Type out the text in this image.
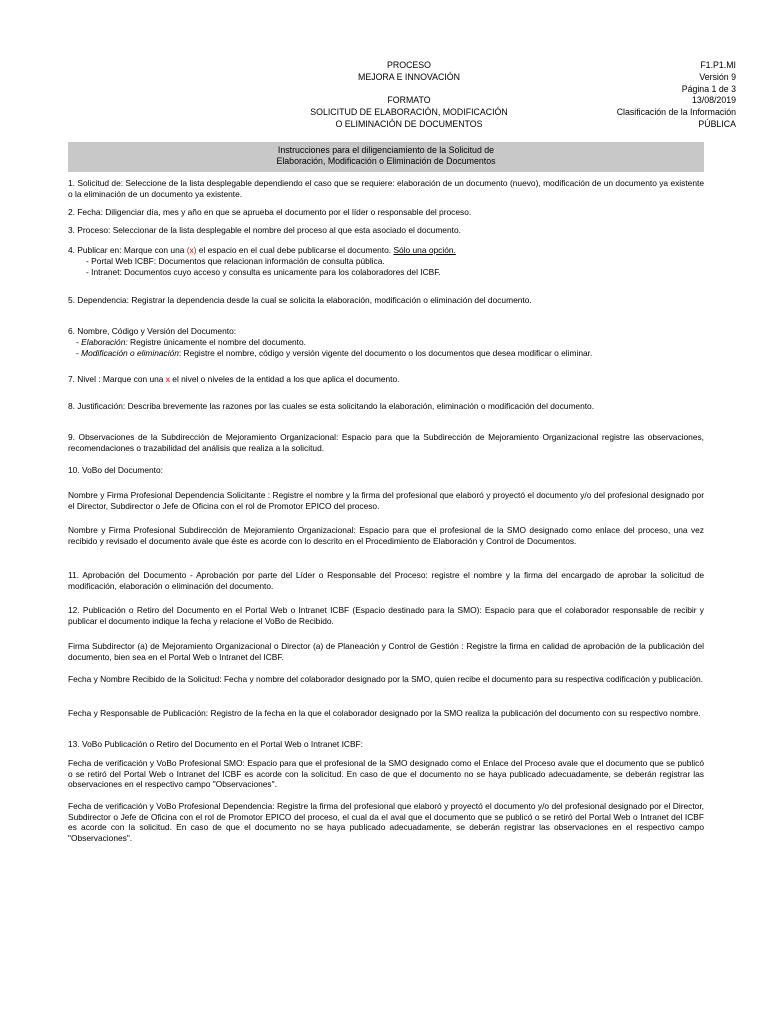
PROCESO
MEJORA E INNOVACIÓN
FORMATO
SOLICITUD DE ELABORACIÓN, MODIFICACIÓN
O ELIMINACIÓN DE DOCUMENTOS
F1.P1.MI
Versión 9
Página 1 de 3
13/08/2019
Clasificación de la Información
PÚBLICA
Instrucciones para el diligenciamiento de la Solicitud de
Elaboración, Modificación o Eliminación de Documentos
1. Solicitud de: Seleccione de la lista desplegable dependiendo el caso que se requiere: elaboración de un documento (nuevo), modificación de un documento ya existente o la eliminación de un documento ya existente.
2. Fecha: Diligenciar día, mes y año en que se aprueba el documento por el líder o responsable del proceso.
3. Proceso: Seleccionar de la lista desplegable el nombre del proceso al que esta asociado el documento.
4. Publicar en: Marque con una (x) el espacio en el cual debe publicarse el documento. Sólo una opción.
- Portal Web ICBF: Documentos que relacionan información de consulta pública.
- Intranet: Documentos cuyo acceso y consulta es unicamente para los colaboradores del ICBF.
5. Dependencia: Registrar la dependencia desde la cual se solicita la elaboración, modificación o eliminación del documento.
6. Nombre, Código y Versión del Documento:
- Elaboración: Registre únicamente el nombre del documento.
- Modificación o eliminación: Registre el nombre, código y versión vigente del documento o los documentos que desea modificar o eliminar.
7. Nivel : Marque con una x el nivel o niveles de la entidad a los que aplica el documento.
8. Justificación: Describa brevemente las razones por las cuales se esta solicitando la elaboración, eliminación o modificación del documento.
9. Observaciones de la Subdirección de Mejoramiento Organizacional: Espacio para que la Subdirección de Mejoramiento Organizacional registre las observaciones, recomendaciones o trazabilidad del análisis que realiza a la solicitud.
10. VoBo del Documento:
Nombre y Firma Profesional Dependencia Solicitante : Registre el nombre y la firma del profesional que elaboró y proyectó el documento y/o del profesional designado por el Director, Subdirector o Jefe de Oficina con el rol de Promotor EPICO del proceso.
Nombre y Firma Profesional Subdirección de Mejoramiento Organizacional: Espacio para que el profesional de la SMO designado como enlace del proceso, una vez recibido y revisado el documento avale que éste es acorde con lo descrito en el Procedimiento de Elaboración y Control de Documentos.
11. Aprobación del Documento - Aprobación por parte del Líder o Responsable del Proceso: registre el nombre y la firma del encargado de aprobar la solicitud de modificación, elaboración o eliminación del documento.
12. Publicación o Retiro del Documento en el Portal Web o Intranet ICBF (Espacio destinado para la SMO): Espacio para que el colaborador responsable de recibir y publicar el documento indique la fecha y relacione el VoBo de Recibido.
Firma Subdirector (a) de Mejoramiento Organizacional o Director (a) de Planeación y Control de Gestión : Registre la firma en calidad de aprobación de la publicación del documento, bien sea en el Portal Web o Intranet del ICBF.
Fecha y Nombre Recibido de la Solicitud: Fecha y nombre del colaborador designado por la SMO, quien recibe el documento para su respectiva codificación y publicación.
Fecha y Responsable de Publicación: Registro de la fecha en la que el colaborador designado por la SMO realiza la publicación del documento con su respectivo nombre.
13. VoBo Publicación o Retiro del Documento en el Portal Web o Intranet ICBF:
Fecha de verificación y VoBo Profesional SMO: Espacio para que el profesional de la SMO designado como el Enlace del Proceso avale que el documento que se publicó o se retiró del Portal Web o Intranet del ICBF es acorde con la solicitud. En caso de que el documento no se haya publicado adecuadamente, se deberán registrar las observaciones en el respectivo campo "Observaciones".
Fecha de verificación y VoBo Profesional Dependencia: Registre la firma del profesional que elaboró y proyectó el documento y/o del profesional designado por el Director, Subdirector o Jefe de Oficina con el rol de Promotor EPICO del proceso, el cual da el aval que el documento que se publicó o se retiró del Portal Web o Intranet del ICBF es acorde con la solicitud. En caso de que el documento no se haya publicado adecuadamente, se deberán registrar las observaciones en el respectivo campo "Observaciones".
